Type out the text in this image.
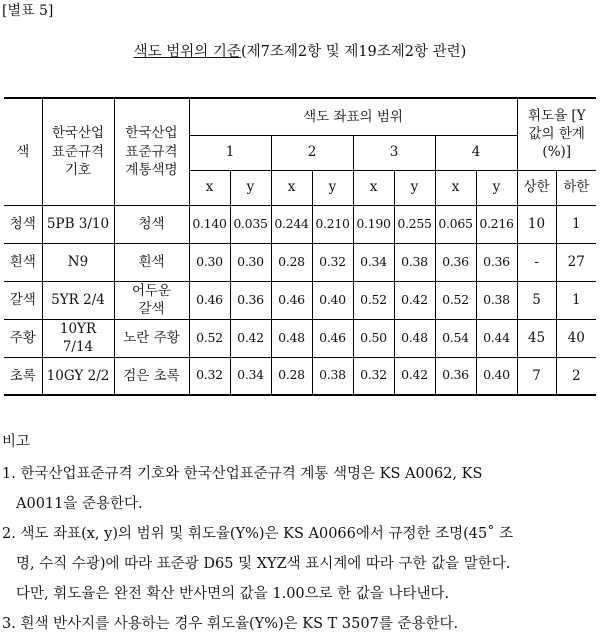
[별표 5]
색도 범위의 기준(제7조제2항 및 제19조제2항 관련)
색	한국산업 표준규격 기호	한국산업 표준규격 계통색명	색도 좌표의 범위								휘도율 [Y값의 한계(%)]	

			1		2		3		4			
			x	y	x	y	x	y	x	y	상한	하한
청색	5PB 3/10	청색	0.140	0.035	0.244	0.210	0.190	0.255	0.065	0.216	10	1
흰색	N9	흰색	0.30	0.30	0.28	0.32	0.34	0.38	0.36	0.36	-	27
갈색	5YR 2/4	어두운 갈색	0.46	0.36	0.46	0.40	0.52	0.42	0.52	0.38	5	1
주황	10YR 7/14	노란 주황	0.52	0.42	0.48	0.46	0.50	0.48	0.54	0.44	45	40
초록	10GY 2/2	검은 초록	0.32	0.34	0.28	0.38	0.32	0.42	0.36	0.40	7	2
비고
1. 한국산업표준규격 기호와 한국산업표준규격 계통 색명은 KS A0062, KS
A0011을 준용한다.
2. 색도 좌표(x, y)의 범위 및 휘도율(Y%)은 KS A0066에서 규정한 조명(45˚ 조
명, 수직 수광)에 따라 표준광 D65 및 XYZ색 표시계에 따라 구한 값을 말한다.
다만, 휘도율은 완전 확산 반사면의 값을 1.00으로 한 값을 나타낸다.
3. 흰색 반사지를 사용하는 경우 휘도율(Y%)은 KS T 3507를 준용한다.
